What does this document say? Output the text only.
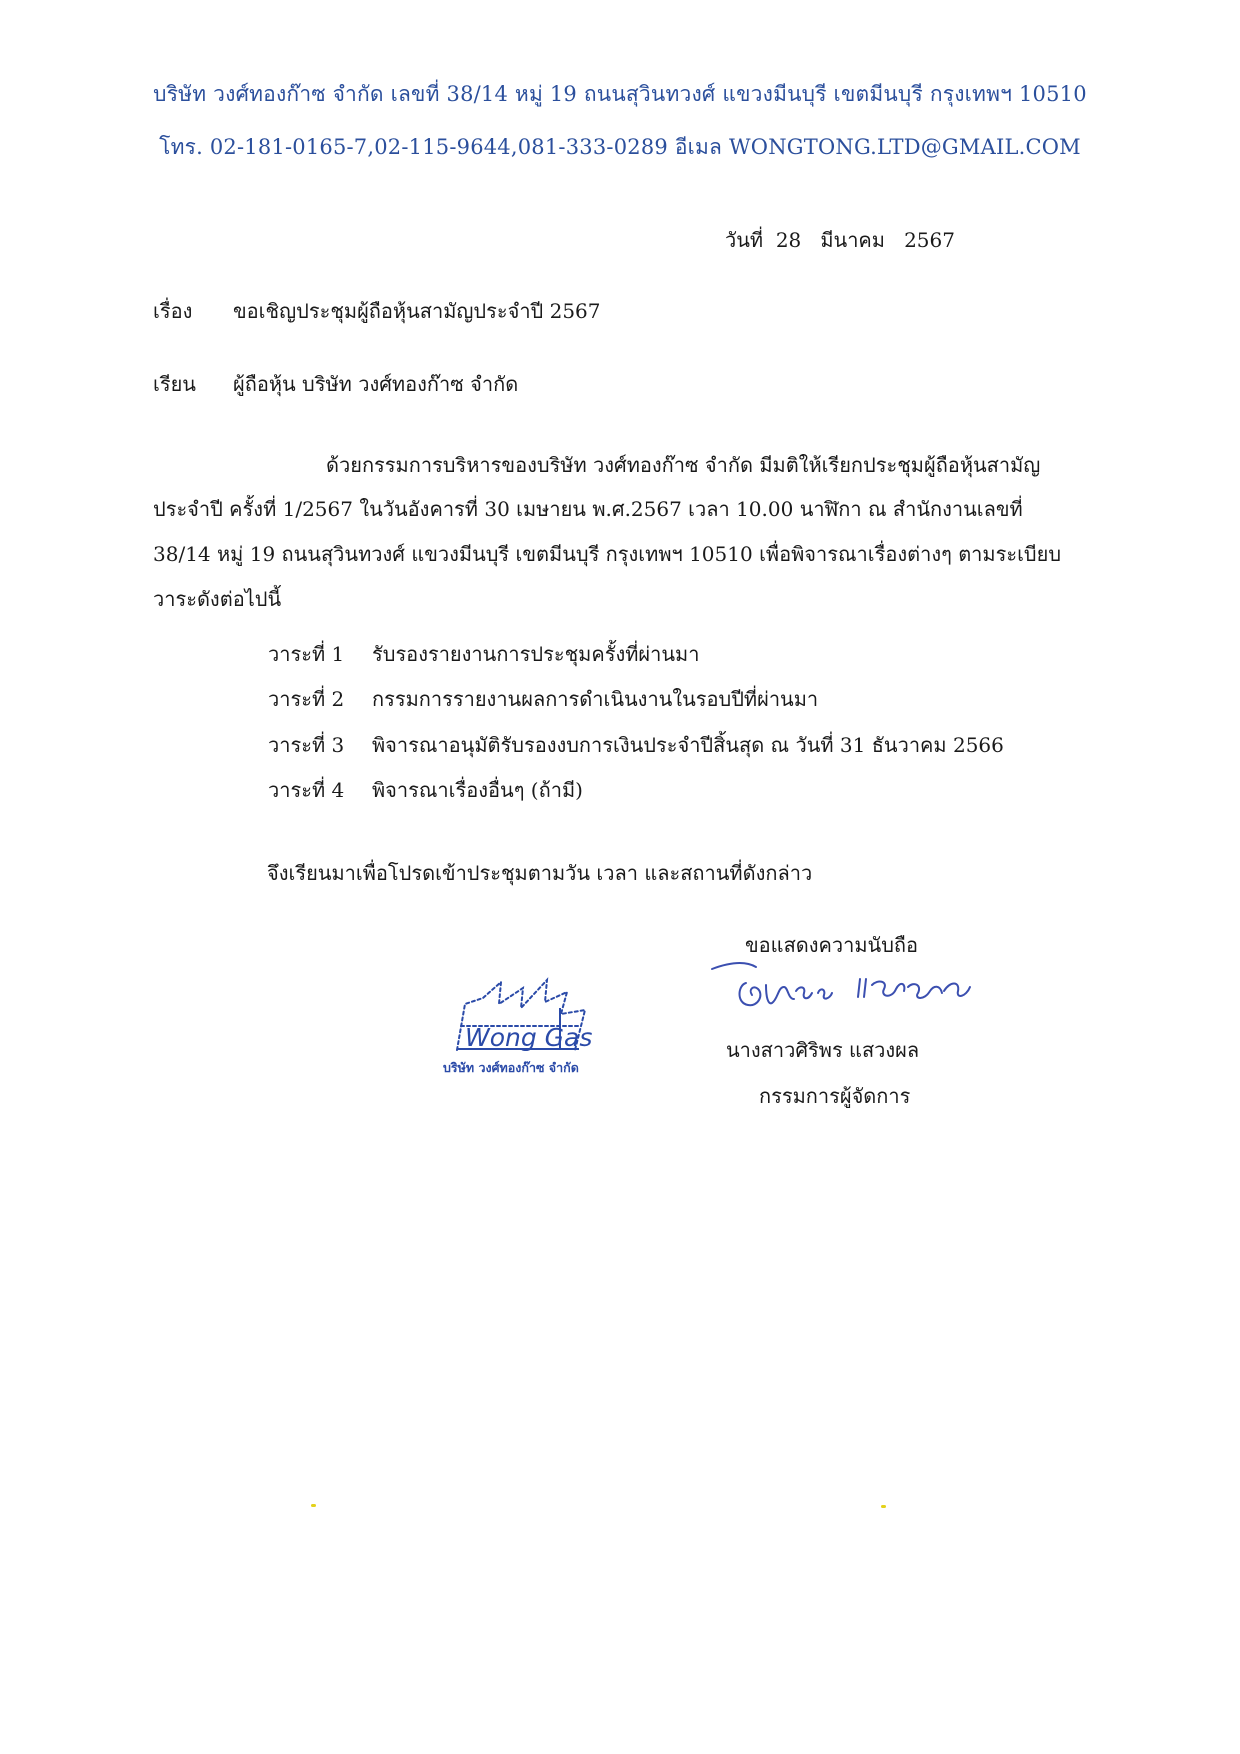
บริษัท วงศ์ทองก๊าซ จำกัด เลขที่ 38/14 หมู่ 19 ถนนสุวินทวงศ์ แขวงมีนบุรี เขตมีนบุรี กรุงเทพฯ 10510
โทร. 02-181-0165-7,02-115-9644,081-333-0289 อีเมล WONGTONG.LTD@GMAIL.COM
วันที่ 28 มีนาคม 2567
เรื่อง ขอเชิญประชุมผู้ถือหุ้นสามัญประจำปี 2567
เรียน ผู้ถือหุ้น บริษัท วงศ์ทองก๊าซ จำกัด
ด้วยกรรมการบริหารของบริษัท วงศ์ทองก๊าซ จำกัด มีมติให้เรียกประชุมผู้ถือหุ้นสามัญ
ประจำปี ครั้งที่ 1/2567 ในวันอังคารที่ 30 เมษายน พ.ศ.2567 เวลา 10.00 นาฬิกา ณ สำนักงานเลขที่
38/14 หมู่ 19 ถนนสุวินทวงศ์ แขวงมีนบุรี เขตมีนบุรี กรุงเทพฯ 10510 เพื่อพิจารณาเรื่องต่างๆ ตามระเบียบ
วาระดังต่อไปนี้
วาระที่ 1 รับรองรายงานการประชุมครั้งที่ผ่านมา
วาระที่ 2 กรรมการรายงานผลการดำเนินงานในรอบปีที่ผ่านมา
วาระที่ 3 พิจารณาอนุมัติรับรองงบการเงินประจำปีสิ้นสุด ณ วันที่ 31 ธันวาคม 2566
วาระที่ 4 พิจารณาเรื่องอื่นๆ (ถ้ามี)
จึงเรียนมาเพื่อโปรดเข้าประชุมตามวัน เวลา และสถานที่ดังกล่าว
ขอแสดงความนับถือ
นางสาวศิริพร แสวงผล
กรรมการผู้จัดการ
Wong Gas
บริษัท วงศ์ทองก๊าซ จำกัด
